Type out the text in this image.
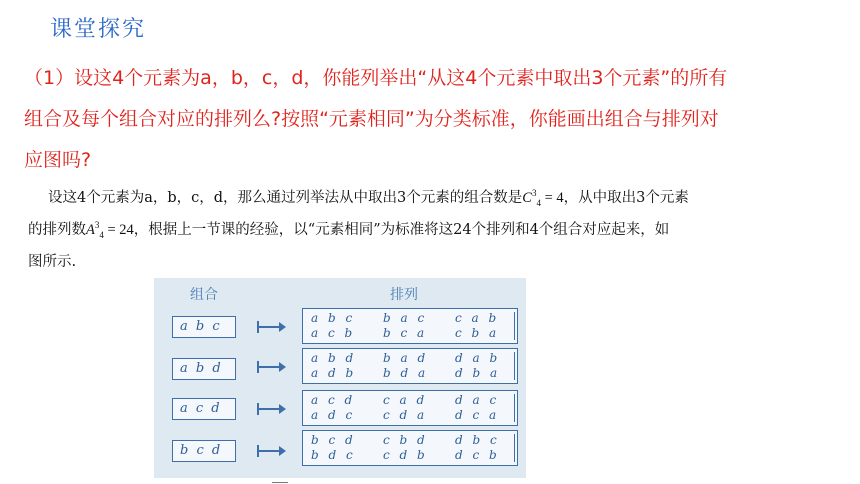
课堂探究
（1）设这4个元素为a，b，c，d，你能列举出“从这4个元素中取出3个元素”的所有
组合及每个组合对应的排列么?按照“元素相同”为分类标准，你能画出组合与排列对
应图吗?
设这4个元素为a，b，c，d，那么通过列举法从中取出3个元素的组合数是$C^3_4 = 4$，从中取出3个元素
的排列数$A^3_4 = 24$，根据上一节课的经验，以“元素相同”为标准将这24个排列和4个组合对应起来，如
图所示.
组合	排列
a b c
a b c	b a c	c a b
a c b	b c a	c b a
a b d
a b d	b a d	d a b
a d b	b d a	d b a
a c d
a c d	c a d	d a c
a d c	c d a	d c a
b c d
b c d	c b d	d b c
b d c	c d b	d c b
